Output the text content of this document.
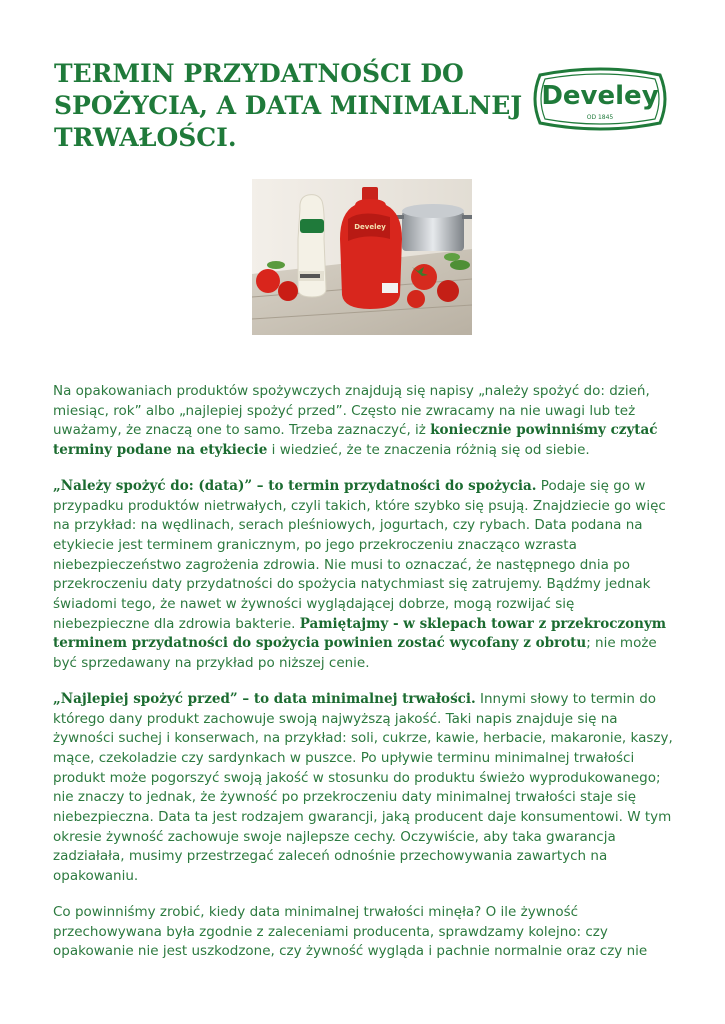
TERMIN PRZYDATNOŚCI DO
SPOŻYCIA, A DATA MINIMALNEJ
TRWAŁOŚCI.
Develey
OD 1845
Develey

Na opakowaniach produktów spożywczych znajdują się napisy „należy spożyć do: dzień, miesiąc, rok” albo „najlepiej spożyć przed”. Często nie zwracamy na nie uwagi lub też uważamy, że znaczą one to samo. Trzeba zaznaczyć, iż koniecznie powinniśmy czytać terminy podane na etykiecie i wiedzieć, że te znaczenia różnią się od siebie.

„Należy spożyć do: (data)” – to termin przydatności do spożycia. Podaje się go w przypadku produktów nietrwałych, czyli takich, które szybko się psują. Znajdziecie go więc na przykład: na wędlinach, serach pleśniowych, jogurtach, czy rybach. Data podana na etykiecie jest terminem granicznym, po jego przekroczeniu znacząco wzrasta niebezpieczeństwo zagrożenia zdrowia. Nie musi to oznaczać, że następnego dnia po przekroczeniu daty przydatności do spożycia natychmiast się zatrujemy. Bądźmy jednak świadomi tego, że nawet w żywności wyglądającej dobrze, mogą rozwijać się niebezpieczne dla zdrowia bakterie. Pamiętajmy - w sklepach towar z przekroczonym terminem przydatności do spożycia powinien zostać wycofany z obrotu; nie może być sprzedawany na przykład po niższej cenie.

„Najlepiej spożyć przed” – to data minimalnej trwałości. Innymi słowy to termin do którego dany produkt zachowuje swoją najwyższą jakość. Taki napis znajduje się na żywności suchej i konserwach, na przykład: soli, cukrze, kawie, herbacie, makaronie, kaszy, mące, czekoladzie czy sardynkach w puszce. Po upływie terminu minimalnej trwałości produkt może pogorszyć swoją jakość w stosunku do produktu świeżo wyprodukowanego; nie znaczy to jednak, że żywność po przekroczeniu daty minimalnej trwałości staje się niebezpieczna. Data ta jest rodzajem gwarancji, jaką producent daje konsumentowi. W tym okresie żywność zachowuje swoje najlepsze cechy. Oczywiście, aby taka gwarancja zadziałała, musimy przestrzegać zaleceń odnośnie przechowywania zawartych na opakowaniu.

Co powinniśmy zrobić, kiedy data minimalnej trwałości minęła? O ile żywność przechowywana była zgodnie z zaleceniami producenta, sprawdzamy kolejno: czy opakowanie nie jest uszkodzone, czy żywność wygląda i pachnie normalnie oraz czy nie
